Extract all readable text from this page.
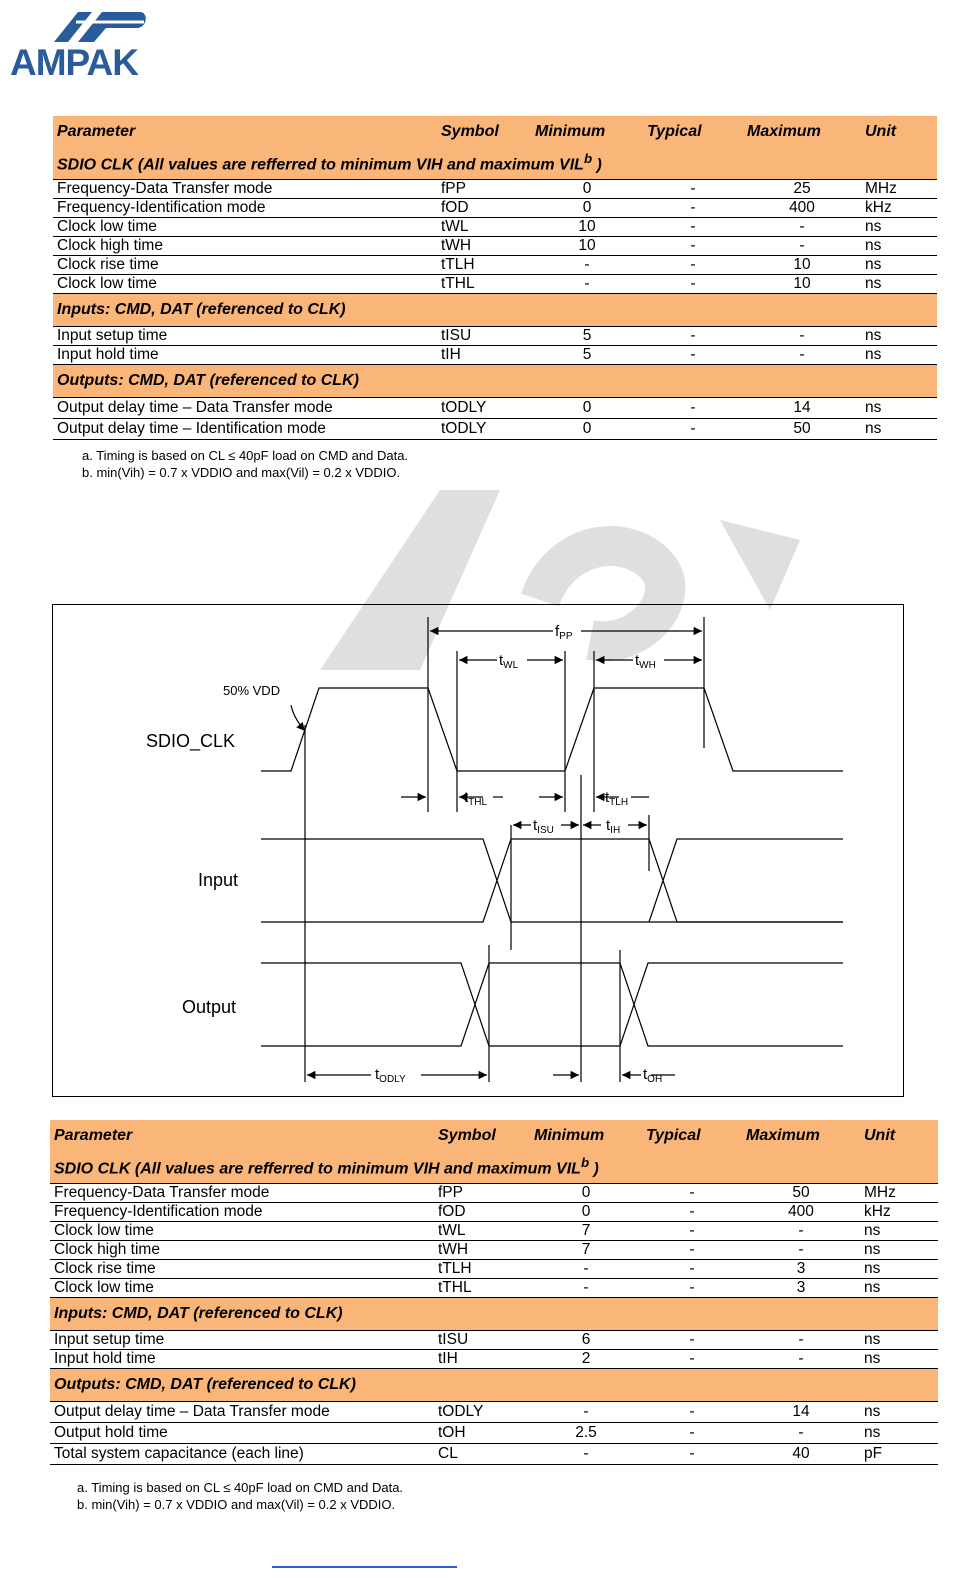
AMPAK
Parameter	Symbol	Minimum	Typical	Maximum	Unit
SDIO CLK (All values are refferred to minimum VIH and maximum VIL$^b$ )					
Frequency-Data Transfer mode	fPP	0	-	25	MHz
Frequency-Identification mode	fOD	0	-	400	kHz
Clock low time	tWL	10	-	-	ns
Clock high time	tWH	10	-	-	ns
Clock rise time	tTLH	-	-	10	ns
Clock low time	tTHL	-	-	10	ns
Inputs: CMD, DAT (referenced to CLK)					
Input setup time	tISU	5	-	-	ns
Input hold time	tIH	5	-	-	ns
Outputs: CMD, DAT (referenced to CLK)					
Output delay time – Data Transfer mode	tODLY	0	-	14	ns
Output delay time – Identification mode	tODLY	0	-	50	ns
a. Timing is based on CL ≤ 40pF load on CMD and Data.
b. min(Vih) = 0.7 x VDDIO and max(Vil) = 0.2 x VDDIO.
SDIO_CLK
50% VDD
Input
Output
$f_{PP}$
$t_{WL}$	$t_{WH}$
$t_{THL}$	$t_{TLH}$
$t_{ISU}$	$t_{IH}$
$t_{ODLY}$	$t_{OH}$
Parameter	Symbol	Minimum	Typical	Maximum	Unit
SDIO CLK (All values are refferred to minimum VIH and maximum VIL$^b$ )					
Frequency-Data Transfer mode	fPP	0	-	50	MHz
Frequency-Identification mode	fOD	0	-	400	kHz
Clock low time	tWL	7	-	-	ns
Clock high time	tWH	7	-	-	ns
Clock rise time	tTLH	-	-	3	ns
Clock low time	tTHL	-	-	3	ns
Inputs: CMD, DAT (referenced to CLK)					
Input setup time	tISU	6	-	-	ns
Input hold time	tIH	2	-	-	ns
Outputs: CMD, DAT (referenced to CLK)					
Output delay time – Data Transfer mode	tODLY	-	-	14	ns
Output hold time	tOH	2.5	-	-	ns
Total system capacitance (each line)	CL	-	-	40	pF
a. Timing is based on CL ≤ 40pF load on CMD and Data.
b. min(Vih) = 0.7 x VDDIO and max(Vil) = 0.2 x VDDIO.
